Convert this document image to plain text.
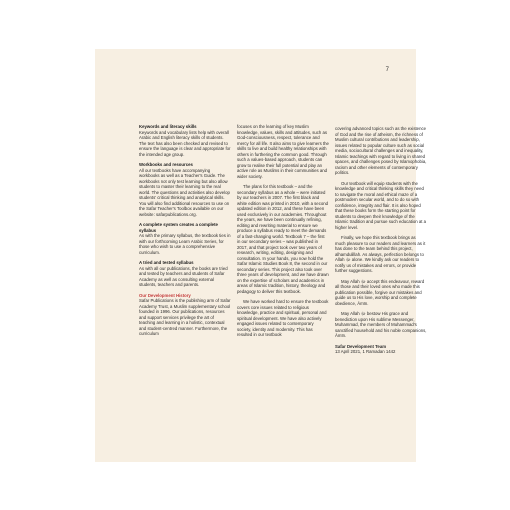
7

Keywords and literacy skills

Keywords and vocabulary lists help with overall Arabic and English literacy skills of students. The text has also been checked and revised to ensure the language is clear and appropriate for the intended age group.

Workbooks and resources

All our textbooks have accompanying workbooks as well as a Teacher's Guide. The workbooks not only test learning but also allow students to master their learning to the real world. The questions and activities also develop students' critical thinking and analytical skills. You will also find additional resources to use on the Safar Teacher's Toolbox available on our website: safarpublications.org.

A complete system creates a complete syllabus

As with the primary syllabus, the textbook ties in with our forthcoming Learn Arabic Series, for those who wish to use a comprehensive curriculum.

A tried and tested syllabus

As with all our publications, the books are tried and tested by teachers and students of Safar Academy as well as consulting external students, teachers and parents.

Our Development History

Safar Publications is the publishing arm of Safar Academy Trust, a Muslim supplementary school founded in 1996. Our publications, resources and support services privilege the art of teaching and learning in a holistic, contextual and student-centred manner. Furthermore, the curriculum

focuses on the learning of key Muslim knowledge, values, skills and attitudes, such as God-consciousness, respect, tolerance and mercy for all life. It also aims to give learners the skills to live and build healthy relationships with others in furthering the common good. Through such a values-based approach, students can grow to realise their full potential and play an active role as Muslims in their communities and wider society.

The plans for this textbook – and the secondary syllabus as a whole – were initiated by our teachers in 2007. The first black and white edition was printed in 2010, with a second updated edition in 2012, and these have been used exclusively in our academies. Throughout the years, we have been continually refining, editing and rewriting material to ensure we produce a syllabus ready to meet the demands of a fast-changing world. Textbook 7 – the first in our secondary series – was published in 2017, and that project took over two years of research, writing, editing, designing and consultation. In your hands, you now hold the Safar Islamic Studies Book 8, the second in our secondary series. This project also took over three years of development, and we have drawn on the expertise of scholars and academics in areas of Islamic tradition, history, theology and pedagogy to deliver this textbook.

We have worked hard to ensure the textbook covers core issues related to religious knowledge, practice and spiritual, personal and spiritual development. We have also actively engaged issues related to contemporary society, identity and modernity. This has resulted in our textbook

covering advanced topics such as the existence of God and the rise of atheism, the richness of Muslim cultural contributions and leadership, issues related to popular culture such as social media, sociocultural challenges and inequality, Islamic teachings with regard to living in shared spaces, and challenges posed by Islamophobia, racism and other elements of contemporary politics.

Our textbook will equip students with the knowledge and critical thinking skills they need to navigate the moral and ethical maze of a postmodern secular world, and to do so with confidence, integrity and flair. It is also hoped that these books form the starting point for students to deepen their knowledge of the Islamic tradition and pursue such education at a higher level.

Finally, we hope this textbook brings as much pleasure to our readers and learners as it has done to the team behind this project, alhamdulillah. As always, perfection belongs to Allah ﷻ alone. We kindly ask our readers to notify us of mistakes and errors, or provide further suggestions.

May Allah ﷻ accept this endeavour, reward all those and their loved ones who made this publication possible, forgive our mistakes and guide us to His love, worship and complete obedience, Āmīn.

May Allah ﷻ bestow His grace and benediction upon His sublime Messenger, Muhammad, the members of Muhammad's sanctified household and his noble companions, Āmīn.

Safar Development Team

13 April 2021, 1 Ramadan 1442
